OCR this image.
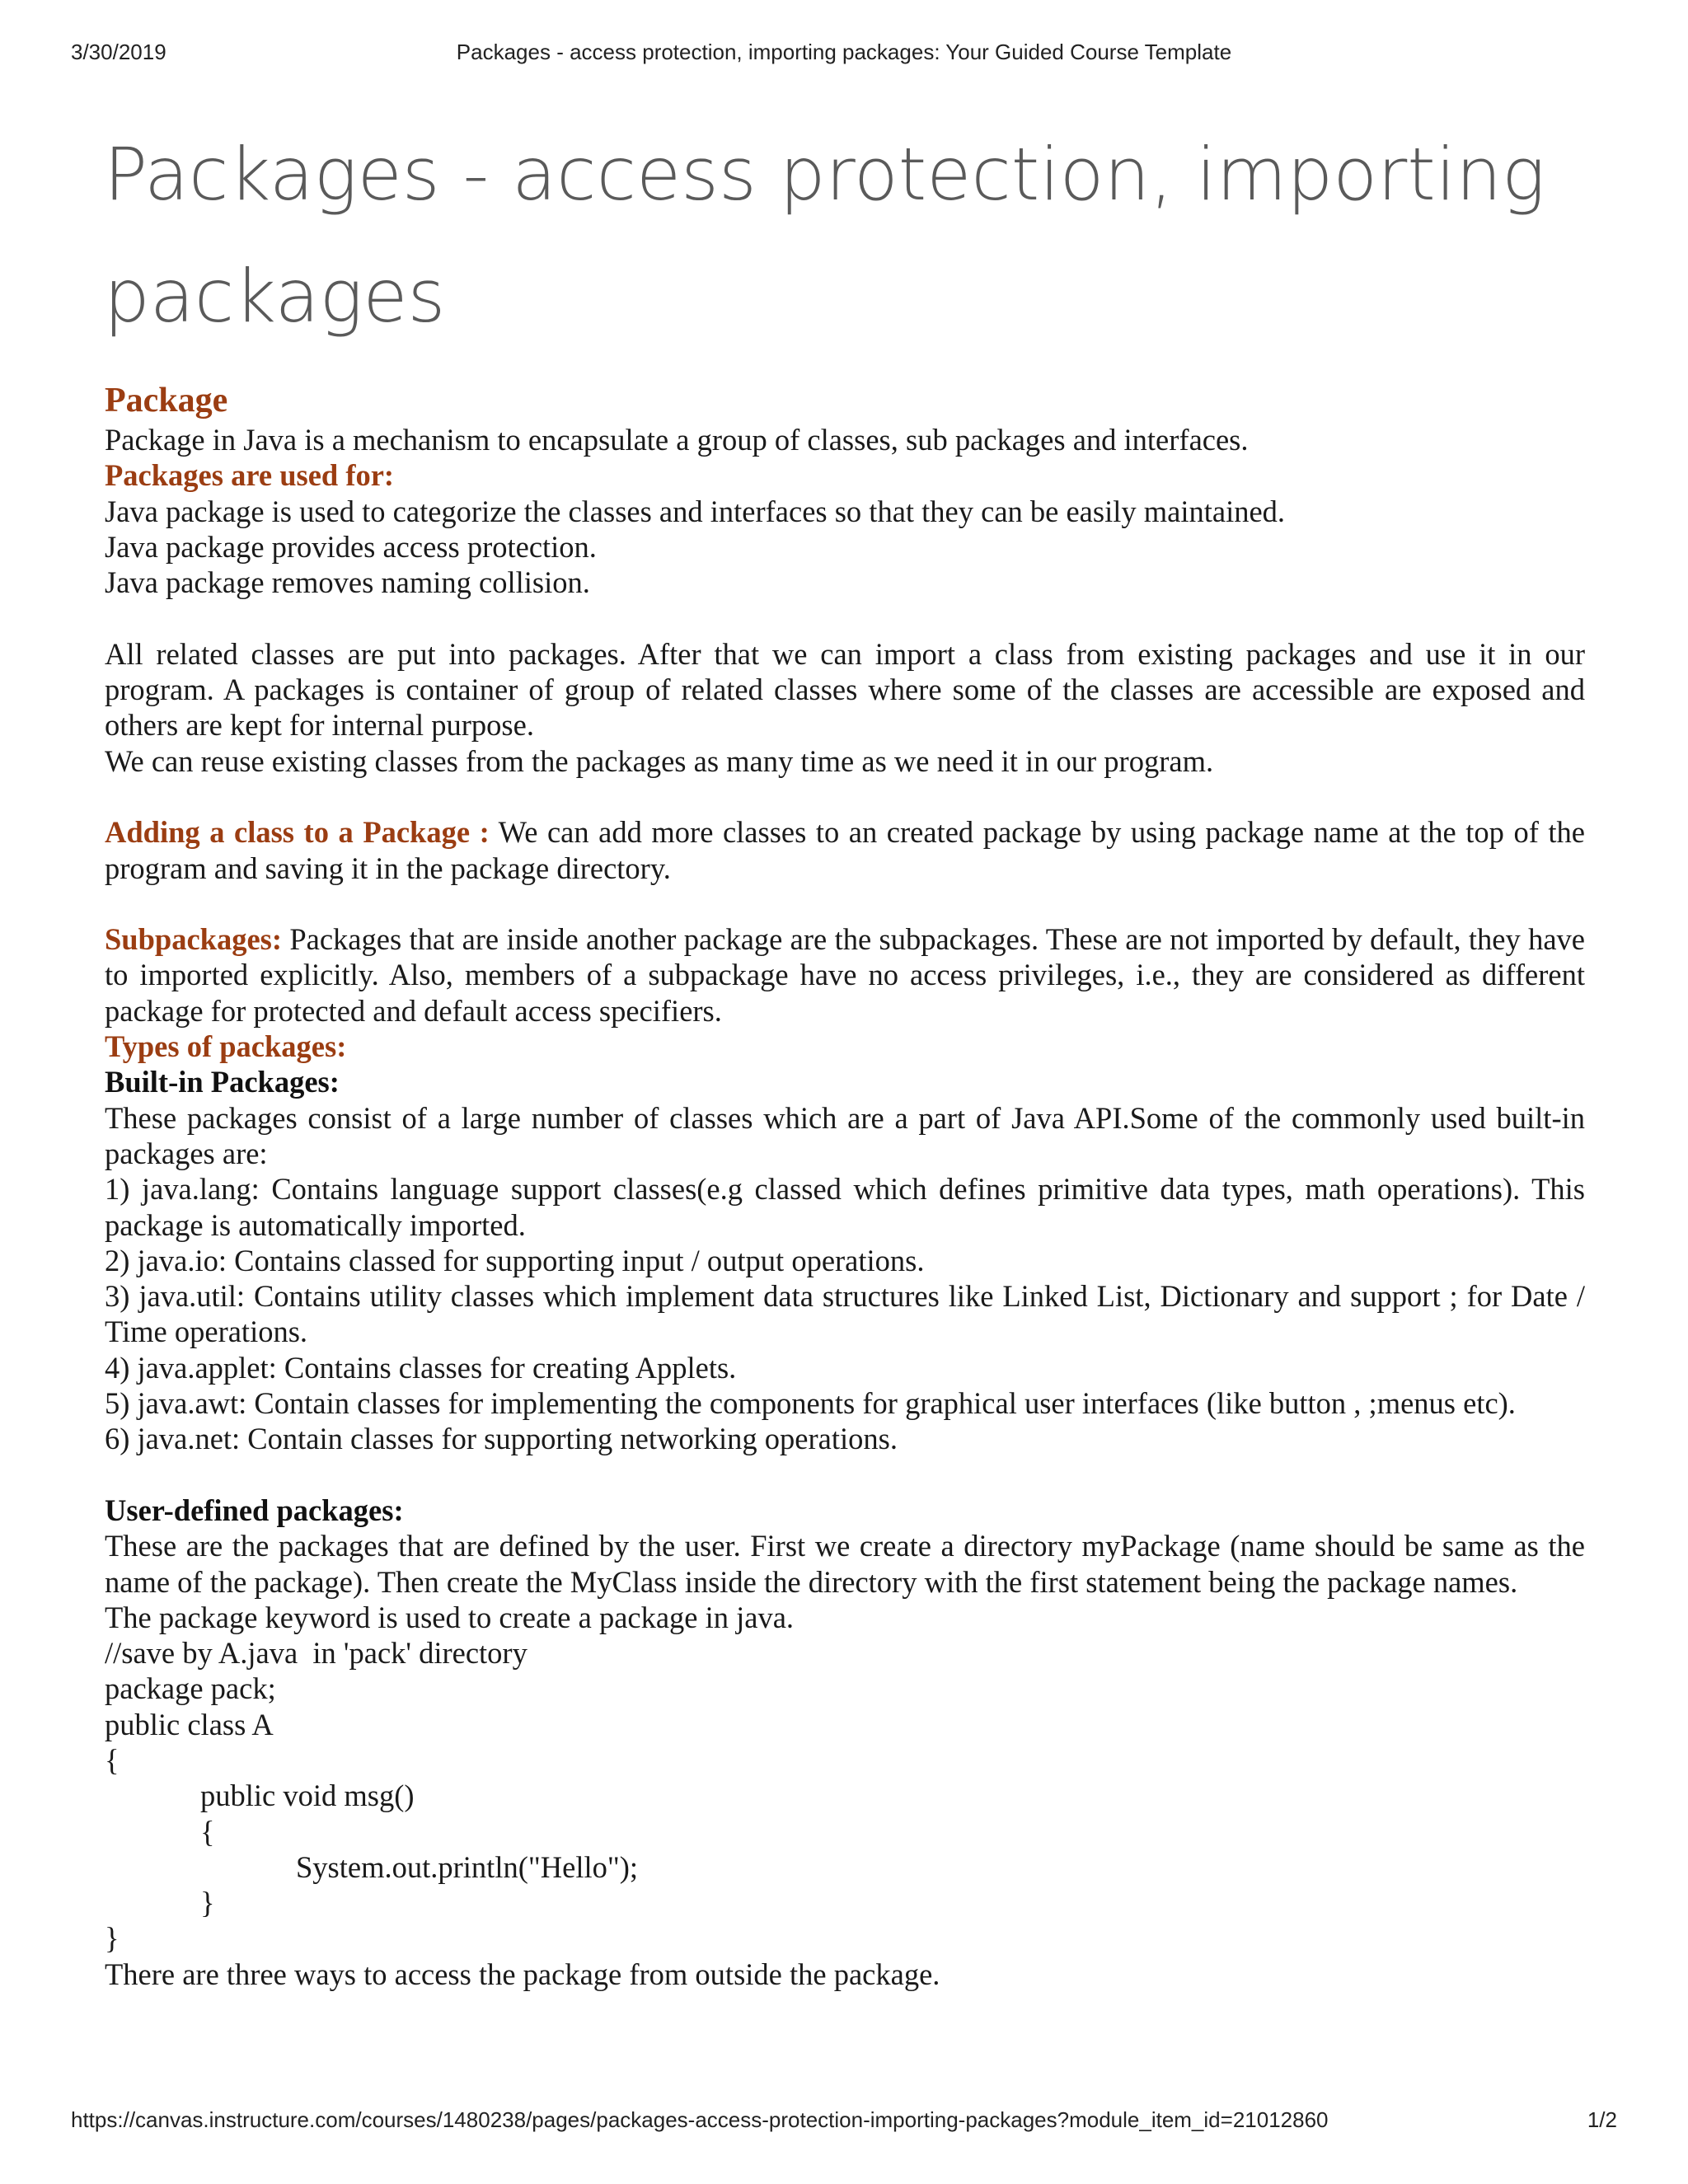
3/30/2019	Packages - access protection, importing packages: Your Guided Course Template
Packages - access protection, importing packages

Package

Package in Java is a mechanism to encapsulate a group of classes, sub packages and interfaces.

Packages are used for:

Java package is used to categorize the classes and interfaces so that they can be easily maintained.

Java package provides access protection.

Java package removes naming collision.

All related classes are put into packages. After that we can import a class from existing packages and use it in our program. A packages is container of group of related classes where some of the classes are accessible are exposed and others are kept for internal purpose.

We can reuse existing classes from the packages as many time as we need it in our program.

Adding a class to a Package : We can add more classes to an created package by using package name at the top of the program and saving it in the package directory.

Subpackages: Packages that are inside another package are the subpackages. These are not imported by default, they have to imported explicitly. Also, members of a subpackage have no access privileges, i.e., they are considered as different package for protected and default access specifiers.

Types of packages:

Built-in Packages:

These packages consist of a large number of classes which are a part of Java API.Some of the commonly used built-in packages are:

1) java.lang: Contains language support classes(e.g classed which defines primitive data types, math operations). This package is automatically imported.

2) java.io: Contains classed for supporting input / output operations.

3) java.util: Contains utility classes which implement data structures like Linked List, Dictionary and support ; for Date / Time operations.

4) java.applet: Contains classes for creating Applets.

5) java.awt: Contain classes for implementing the components for graphical user interfaces (like button , ;menus etc).

6) java.net: Contain classes for supporting networking operations.

User-defined packages:

These are the packages that are defined by the user. First we create a directory myPackage (name should be same as the name of the package). Then create the MyClass inside the directory with the first statement being the package names.

The package keyword is used to create a package in java.

//save by A.java  in 'pack' directory

package pack;

public class A

{

public void msg()

{

System.out.println("Hello");

}

}

There are three ways to access the package from outside the package.

https://canvas.instructure.com/courses/1480238/pages/packages-access-protection-importing-packages?module_item_id=21012860	1/2
